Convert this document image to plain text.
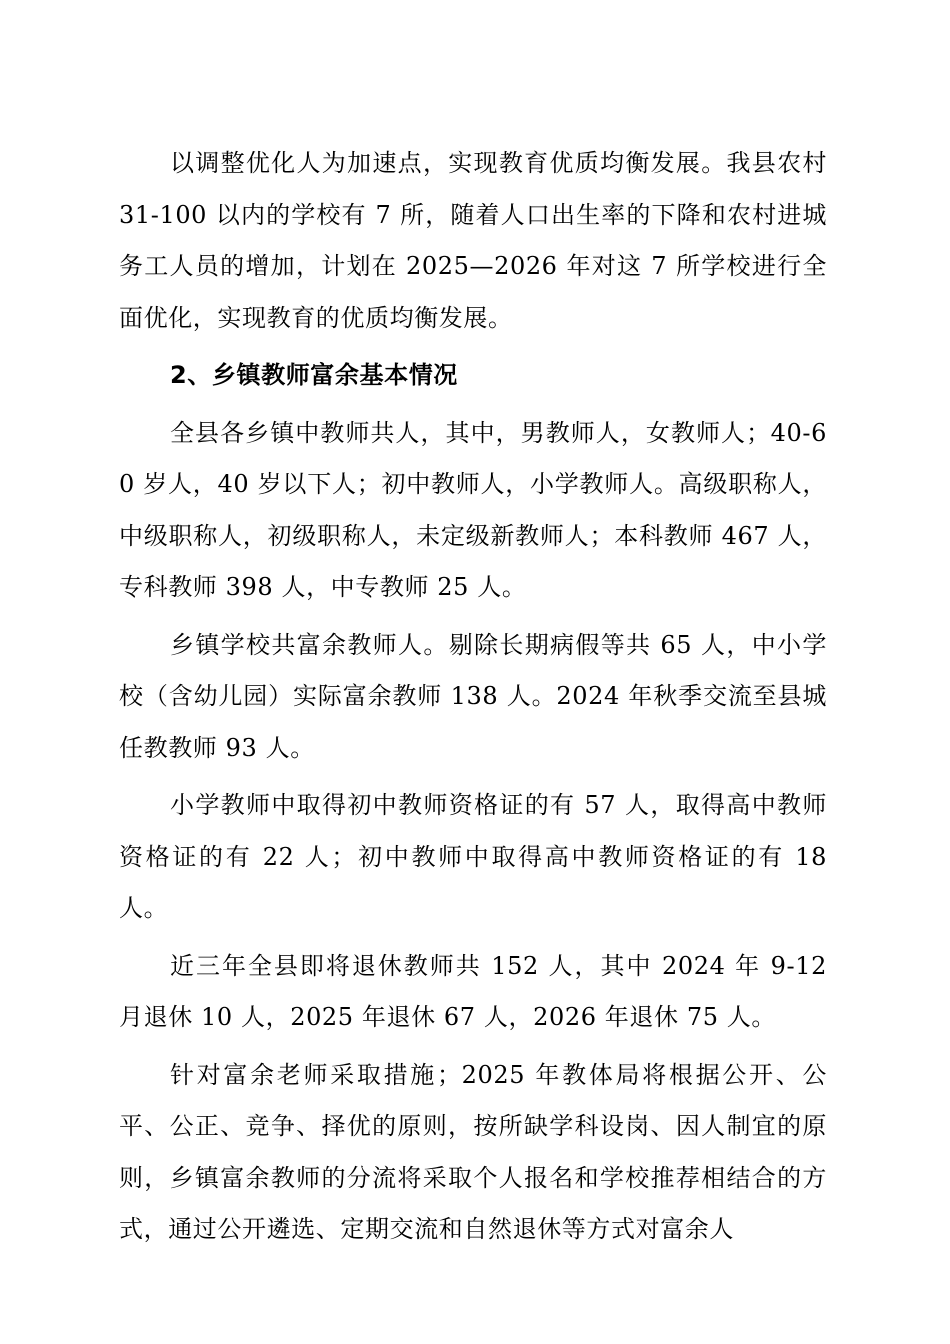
以调整优化人为加速点，实现教育优质均衡发展。我县农村 31-100 以内的学校有 7 所，随着人口出生率的下降和农村进城务工人员的增加，计划在 2025—2026 年对这 7 所学校进行全面优化，实现教育的优质均衡发展。

2、乡镇教师富余基本情况

全县各乡镇中教师共人，其中，男教师人，女教师人；40-60 岁人，40 岁以下人；初中教师人，小学教师人。高级职称人，中级职称人，初级职称人，未定级新教师人；本科教师 467 人，专科教师 398 人，中专教师 25 人。

乡镇学校共富余教师人。剔除长期病假等共 65 人，中小学校（含幼儿园）实际富余教师 138 人。2024 年秋季交流至县城任教教师 93 人。

小学教师中取得初中教师资格证的有 57 人，取得高中教师资格证的有 22 人；初中教师中取得高中教师资格证的有 18 人。

近三年全县即将退休教师共 152 人，其中 2024 年 9-12 月退休 10 人，2025 年退休 67 人，2026 年退休 75 人。

针对富余老师采取措施；2025 年教体局将根据公开、公平、公正、竞争、择优的原则，按所缺学科设岗、因人制宜的原则，乡镇富余教师的分流将采取个人报名和学校推荐相结合的方式，通过公开遴选、定期交流和自然退休等方式对富余人
